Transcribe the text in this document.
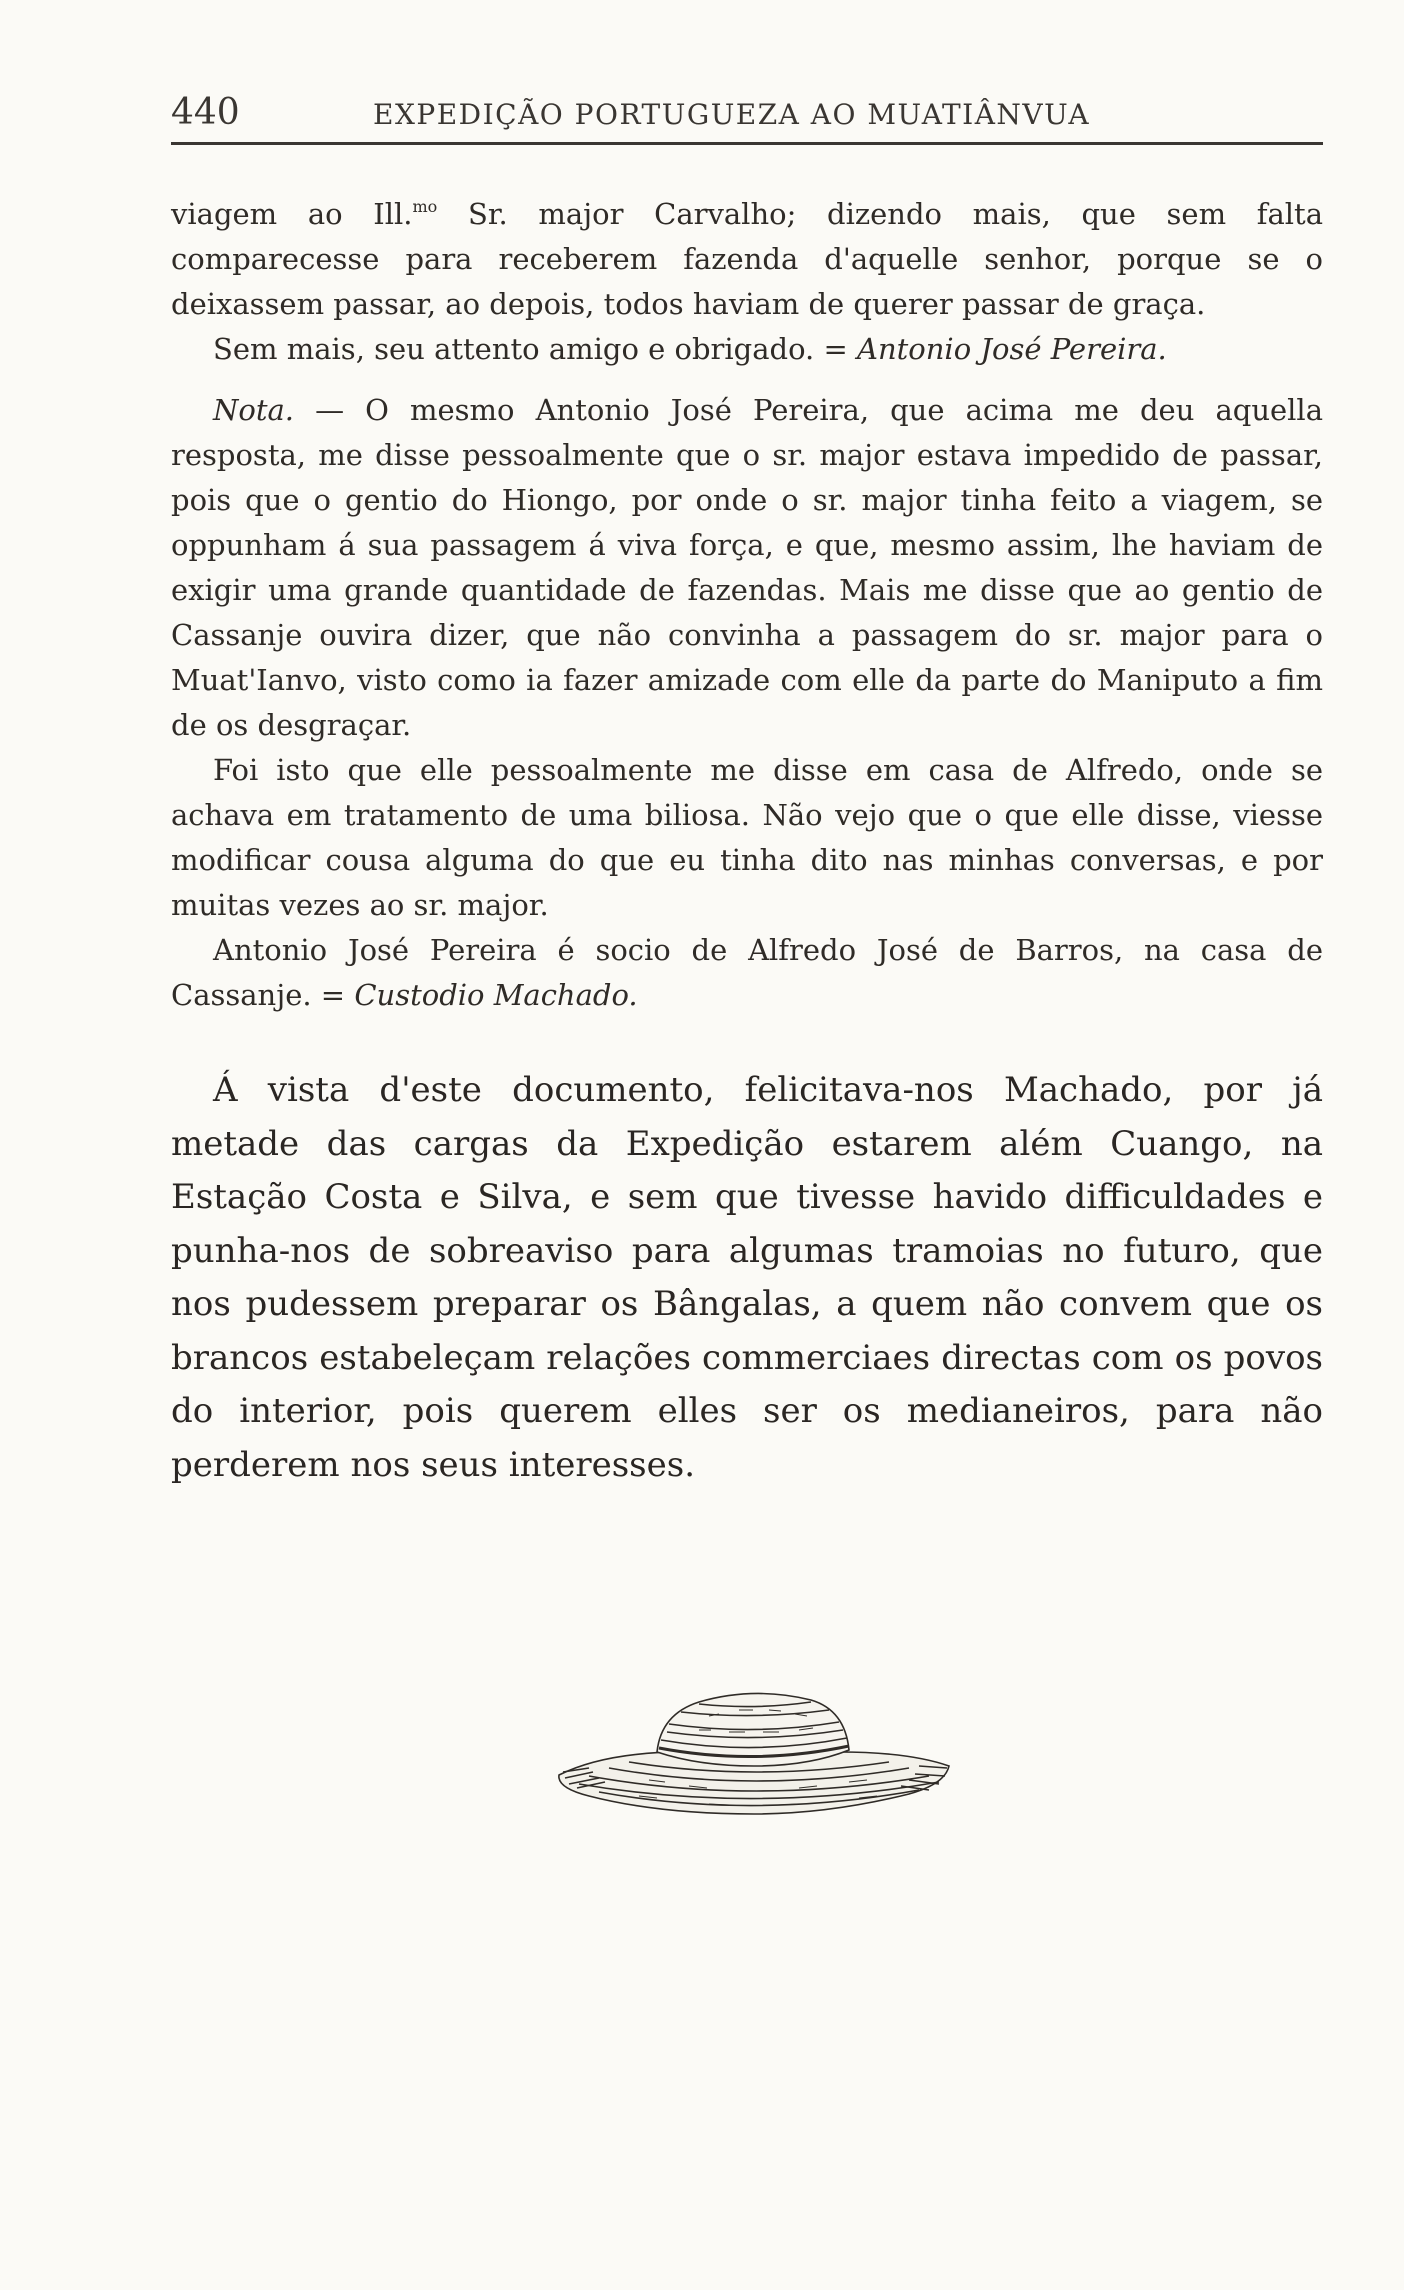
440	EXPEDIÇÃO PORTUGUEZA AO MUATIÂNVUA

viagem ao Ill.$^{mo}$ Sr. major Carvalho; dizendo mais, que sem falta comparecesse para receberem fazenda d'aquelle senhor, porque se o deixassem passar, ao depois, todos haviam de querer passar de graça.

Sem mais, seu attento amigo e obrigado. = Antonio José Pereira.

Nota. — O mesmo Antonio José Pereira, que acima me deu aquella resposta, me disse pessoalmente que o sr. major estava impedido de passar, pois que o gentio do Hiongo, por onde o sr. major tinha feito a viagem, se oppunham á sua passagem á viva força, e que, mesmo assim, lhe haviam de exigir uma grande quantidade de fazendas. Mais me disse que ao gentio de Cassanje ouvira dizer, que não convinha a passagem do sr. major para o Muat'Ianvo, visto como ia fazer amizade com elle da parte do Maniputo a fim de os desgraçar.

Foi isto que elle pessoalmente me disse em casa de Alfredo, onde se achava em tratamento de uma biliosa. Não vejo que o que elle disse, viesse modificar cousa alguma do que eu tinha dito nas minhas conversas, e por muitas vezes ao sr. major.

Antonio José Pereira é socio de Alfredo José de Barros, na casa de Cassanje. = Custodio Machado.

Á vista d'este documento, felicitava-nos Machado, por já metade das cargas da Expedição estarem além Cuango, na Estação Costa e Silva, e sem que tivesse havido difficuldades e punha-nos de sobreaviso para algumas tramoias no futuro, que nos pudessem preparar os Bângalas, a quem não convem que os brancos estabeleçam relações commerciaes directas com os povos do interior, pois querem elles ser os medianeiros, para não perderem nos seus interesses.
